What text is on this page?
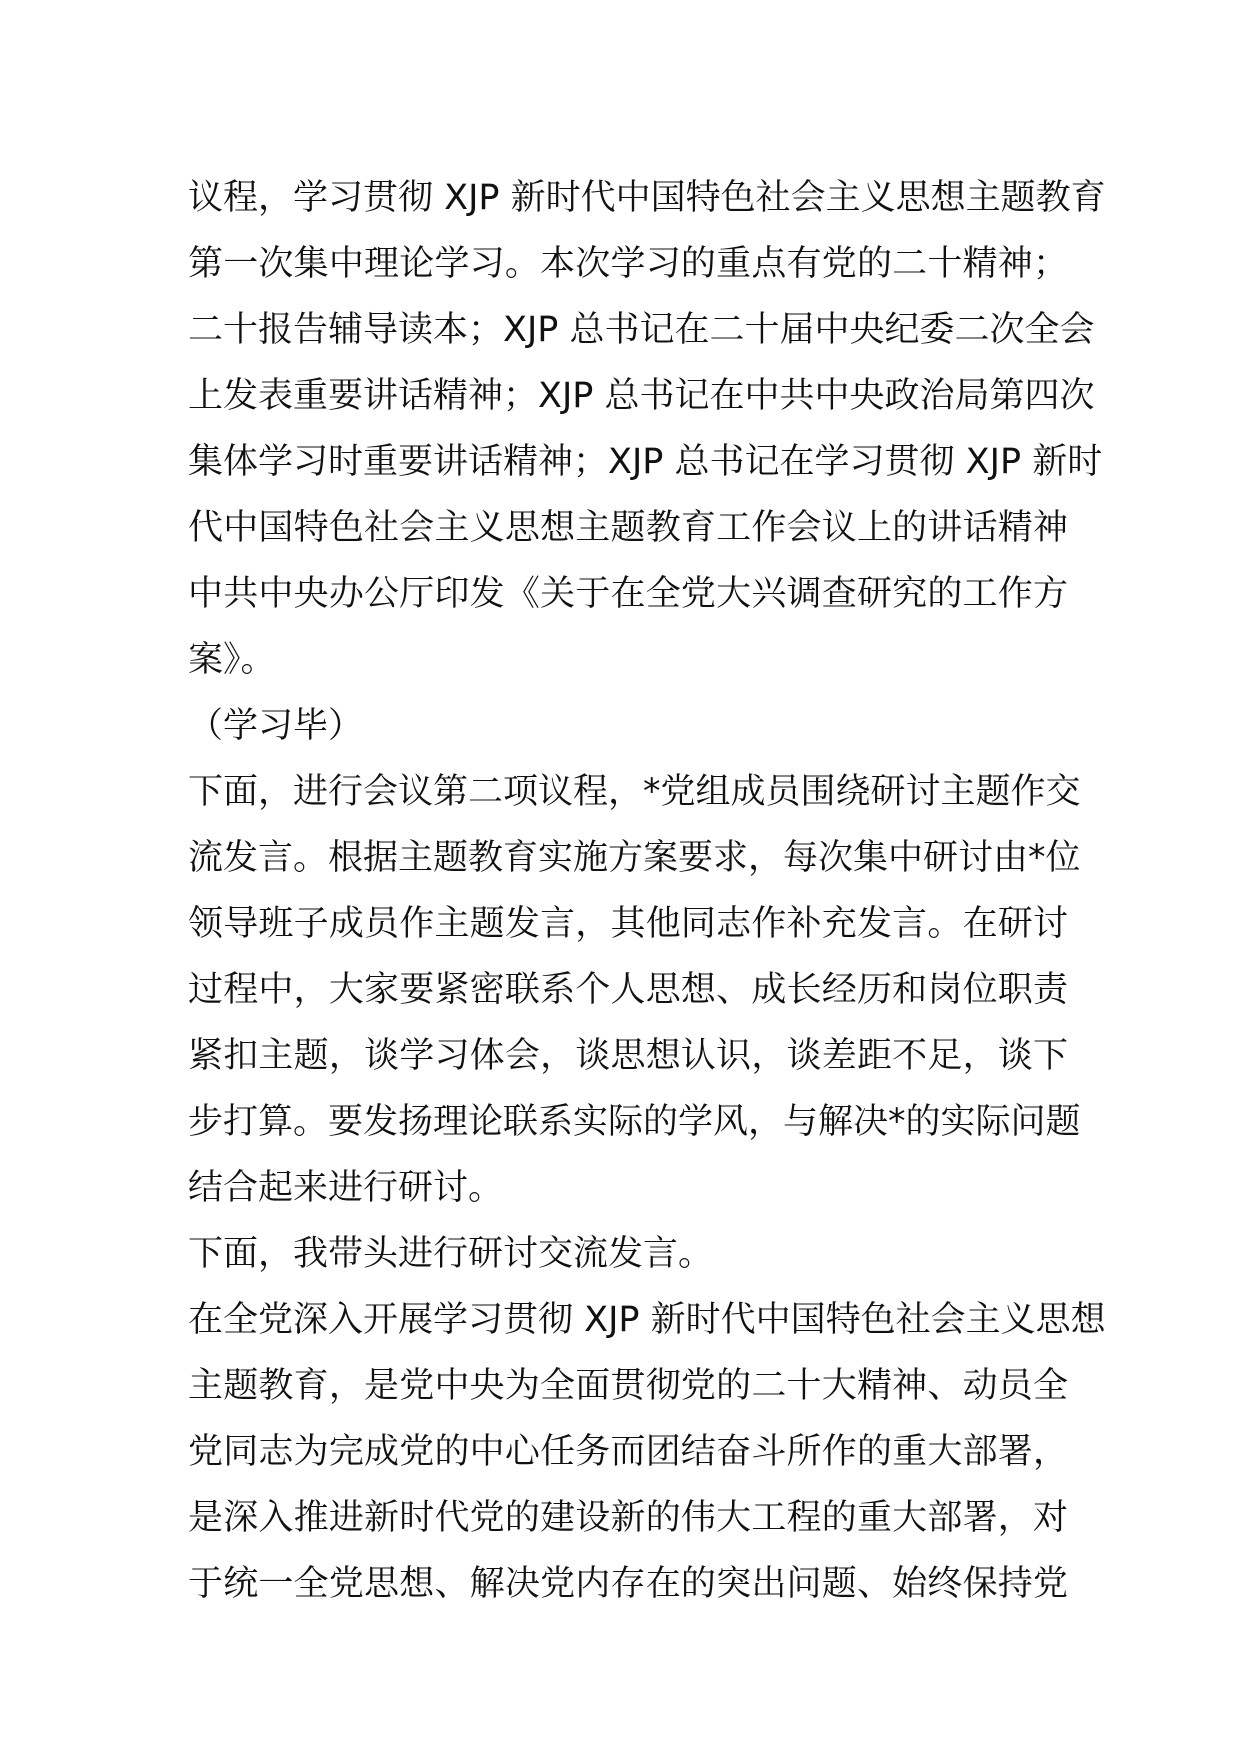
议程，学习贯彻 XJP 新时代中国特色社会主义思想主题教育
第一次集中理论学习。本次学习的重点有党的二十精神；
二十报告辅导读本；XJP 总书记在二十届中央纪委二次全会
上发表重要讲话精神；XJP 总书记在中共中央政治局第四次
集体学习时重要讲话精神；XJP 总书记在学习贯彻 XJP 新时
代中国特色社会主义思想主题教育工作会议上的讲话精神
中共中央办公厅印发《关于在全党大兴调查研究的工作方
案》。
（学习毕）
下面，进行会议第二项议程，*党组成员围绕研讨主题作交
流发言。根据主题教育实施方案要求，每次集中研讨由*位
领导班子成员作主题发言，其他同志作补充发言。在研讨
过程中，大家要紧密联系个人思想、成长经历和岗位职责
紧扣主题，谈学习体会，谈思想认识，谈差距不足，谈下
步打算。要发扬理论联系实际的学风，与解决*的实际问题
结合起来进行研讨。
下面，我带头进行研讨交流发言。
在全党深入开展学习贯彻 XJP 新时代中国特色社会主义思想
主题教育，是党中央为全面贯彻党的二十大精神、动员全
党同志为完成党的中心任务而团结奋斗所作的重大部署，
是深入推进新时代党的建设新的伟大工程的重大部署，对
于统一全党思想、解决党内存在的突出问题、始终保持党
